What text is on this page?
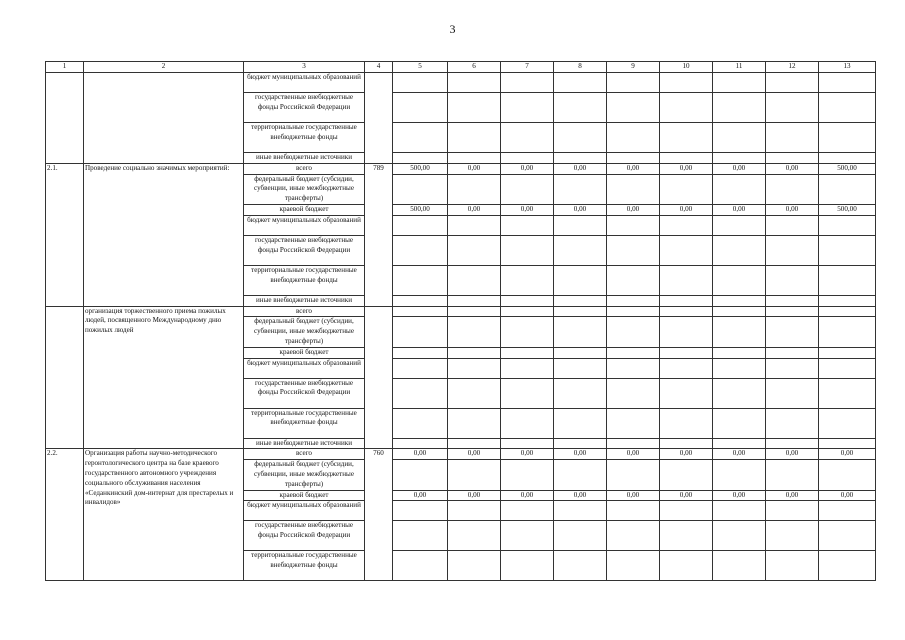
3
1	2	3	4	5	6	7	8	9	10	11	12	13
		бюджет муниципальных образований										
		государственные внебюджетные фонды Российской Федерации										
		территориальные государственные внебюджетные фонды										
		иные внебюджетные источники										
2.1.	Проведение социально значимых мероприятий:	всего	789	500,00	0,00	0,00	0,00	0,00	0,00	0,00	0,00	500,00
		федеральный бюджет (субсидии, субвенции, иные межбюджетные трансферты)										
		краевой бюджет		500,00	0,00	0,00	0,00	0,00	0,00	0,00	0,00	500,00
		бюджет муниципальных образований										
		государственные внебюджетные фонды Российской Федерации										
		территориальные государственные внебюджетные фонды										
		иные внебюджетные источники										
	организация торжественного приема пожилых людей, посвященного Международному дню пожилых людей	всего										
		федеральный бюджет (субсидии, субвенции, иные межбюджетные трансферты)										
		краевой бюджет										
		бюджет муниципальных образований										
		государственные внебюджетные фонды Российской Федерации										
		территориальные государственные внебюджетные фонды										
		иные внебюджетные источники										
2.2.	Организация работы научно-методического геронтологического центра на базе краевого государственного автономного учреждения социального обслуживания населения «Седанкинский дом-интернат для престарелых и инвалидов»	всего	760	0,00	0,00	0,00	0,00	0,00	0,00	0,00	0,00	0,00
		федеральный бюджет (субсидии, субвенции, иные межбюджетные трансферты)										
		краевой бюджет		0,00	0,00	0,00	0,00	0,00	0,00	0,00	0,00	0,00
		бюджет муниципальных образований										
		государственные внебюджетные фонды Российской Федерации										
		территориальные государственные внебюджетные фонды										
